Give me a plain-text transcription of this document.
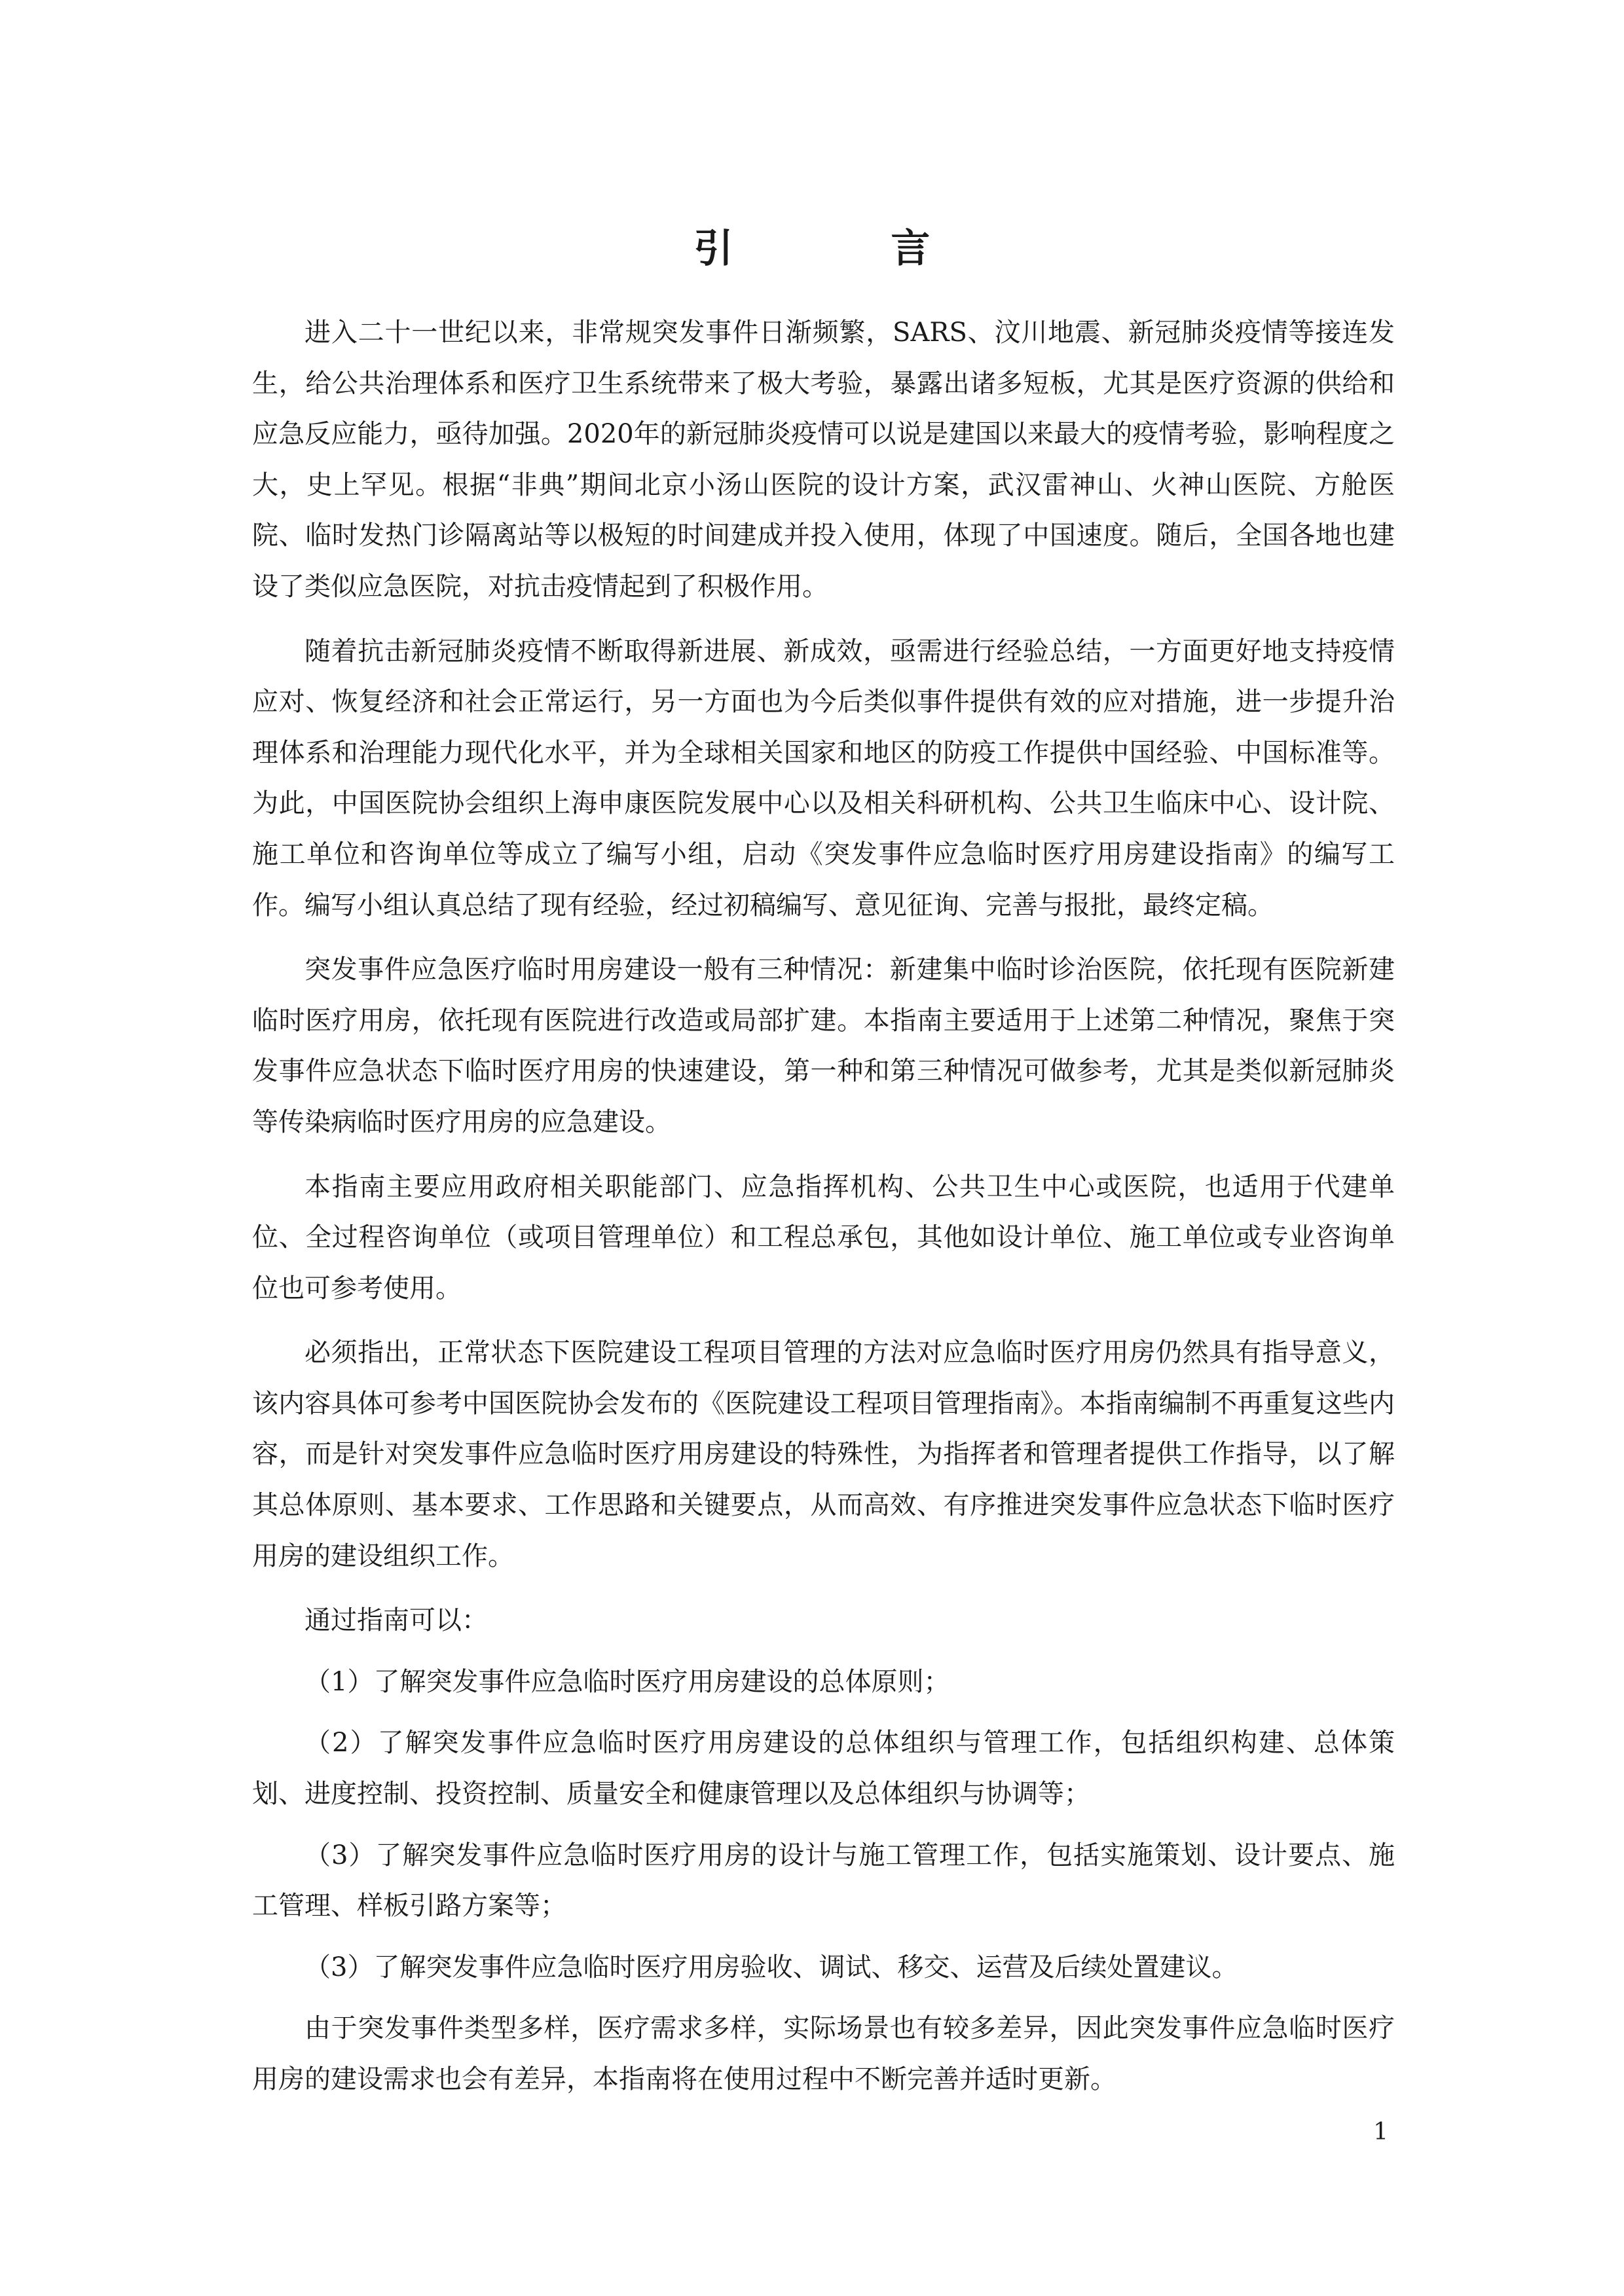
引 言

进入二十一世纪以来，非常规突发事件日渐频繁，SARS、汶川地震、新冠肺炎疫情等接连发生，给公共治理体系和医疗卫生系统带来了极大考验，暴露出诸多短板，尤其是医疗资源的供给和应急反应能力，亟待加强。2020年的新冠肺炎疫情可以说是建国以来最大的疫情考验，影响程度之大，史上罕见。根据“非典”期间北京小汤山医院的设计方案，武汉雷神山、火神山医院、方舱医院、临时发热门诊隔离站等以极短的时间建成并投入使用，体现了中国速度。随后，全国各地也建设了类似应急医院，对抗击疫情起到了积极作用。

随着抗击新冠肺炎疫情不断取得新进展、新成效，亟需进行经验总结，一方面更好地支持疫情应对、恢复经济和社会正常运行，另一方面也为今后类似事件提供有效的应对措施，进一步提升治理体系和治理能力现代化水平，并为全球相关国家和地区的防疫工作提供中国经验、中国标准等。为此，中国医院协会组织上海申康医院发展中心以及相关科研机构、公共卫生临床中心、设计院、施工单位和咨询单位等成立了编写小组，启动《突发事件应急临时医疗用房建设指南》的编写工作。编写小组认真总结了现有经验，经过初稿编写、意见征询、完善与报批，最终定稿。

突发事件应急医疗临时用房建设一般有三种情况：新建集中临时诊治医院，依托现有医院新建临时医疗用房，依托现有医院进行改造或局部扩建。本指南主要适用于上述第二种情况，聚焦于突发事件应急状态下临时医疗用房的快速建设，第一种和第三种情况可做参考，尤其是类似新冠肺炎等传染病临时医疗用房的应急建设。

本指南主要应用政府相关职能部门、应急指挥机构、公共卫生中心或医院，也适用于代建单位、全过程咨询单位（或项目管理单位）和工程总承包，其他如设计单位、施工单位或专业咨询单位也可参考使用。

必须指出，正常状态下医院建设工程项目管理的方法对应急临时医疗用房仍然具有指导意义，该内容具体可参考中国医院协会发布的《医院建设工程项目管理指南》。本指南编制不再重复这些内容，而是针对突发事件应急临时医疗用房建设的特殊性，为指挥者和管理者提供工作指导，以了解其总体原则、基本要求、工作思路和关键要点，从而高效、有序推进突发事件应急状态下临时医疗用房的建设组织工作。

通过指南可以：

（1）了解突发事件应急临时医疗用房建设的总体原则；

（2）了解突发事件应急临时医疗用房建设的总体组织与管理工作，包括组织构建、总体策划、进度控制、投资控制、质量安全和健康管理以及总体组织与协调等；

（3）了解突发事件应急临时医疗用房的设计与施工管理工作，包括实施策划、设计要点、施工管理、样板引路方案等；

（3）了解突发事件应急临时医疗用房验收、调试、移交、运营及后续处置建议。

由于突发事件类型多样，医疗需求多样，实际场景也有较多差异，因此突发事件应急临时医疗用房的建设需求也会有差异，本指南将在使用过程中不断完善并适时更新。

1
